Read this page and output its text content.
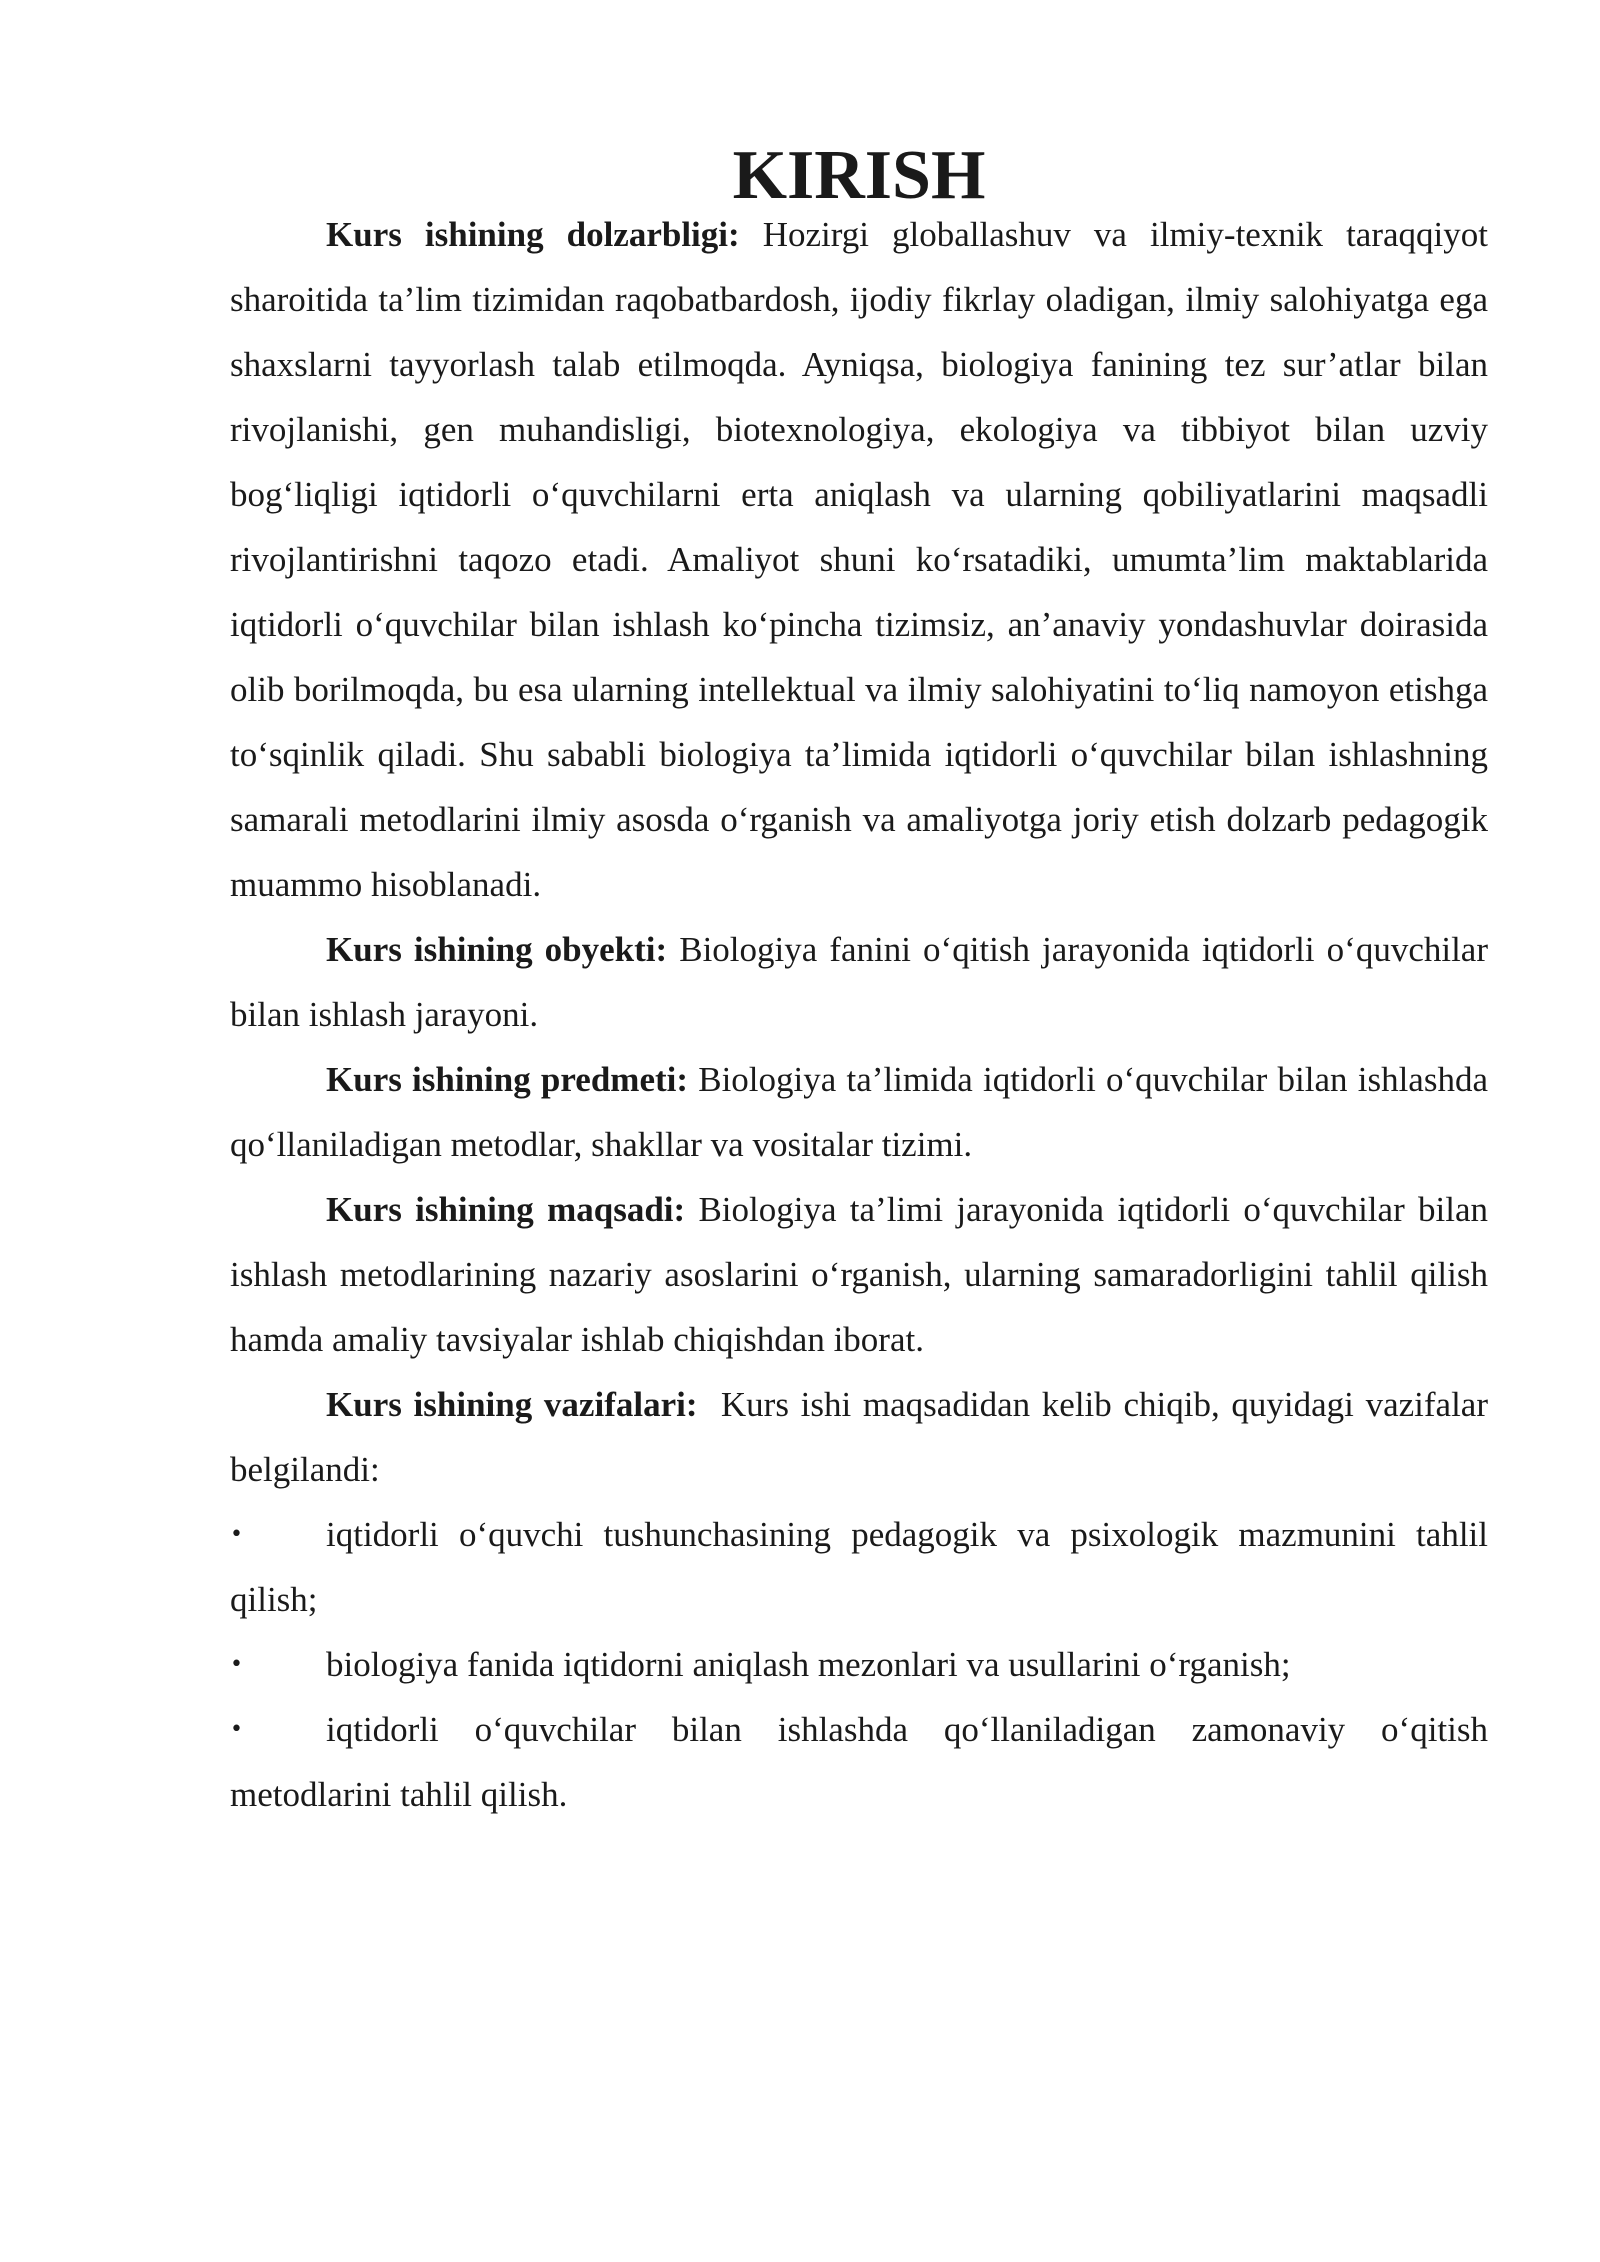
KIRISH

Kurs ishining dolzarbligi: Hozirgi globallashuv va ilmiy-texnik taraqqiyot sharoitida ta’lim tizimidan raqobatbardosh, ijodiy fikrlay oladigan, ilmiy salohiyatga ega shaxslarni tayyorlash talab etilmoqda. Ayniqsa, biologiya fanining tez sur’atlar bilan rivojlanishi, gen muhandisligi, biotexnologiya, ekologiya va tibbiyot bilan uzviy bog‘liqligi iqtidorli o‘quvchilarni erta aniqlash va ularning qobiliyatlarini maqsadli rivojlantirishni taqozo etadi. Amaliyot shuni ko‘rsatadiki, umumta’lim maktablarida iqtidorli o‘quvchilar bilan ishlash ko‘pincha tizimsiz, an’anaviy yondashuvlar doirasida olib borilmoqda, bu esa ularning intellektual va ilmiy salohiyatini to‘liq namoyon etishga to‘sqinlik qiladi. Shu sababli biologiya ta’limida iqtidorli o‘quvchilar bilan ishlashning samarali metodlarini ilmiy asosda o‘rganish va amaliyotga joriy etish dolzarb pedagogik muammo hisoblanadi.

Kurs ishining obyekti: Biologiya fanini o‘qitish jarayonida iqtidorli o‘quvchilar bilan ishlash jarayoni.

Kurs ishining predmeti: Biologiya ta’limida iqtidorli o‘quvchilar bilan ishlashda qo‘llaniladigan metodlar, shakllar va vositalar tizimi.

Kurs ishining maqsadi: Biologiya ta’limi jarayonida iqtidorli o‘quvchilar bilan ishlash metodlarining nazariy asoslarini o‘rganish, ularning samaradorligini tahlil qilish hamda amaliy tavsiyalar ishlab chiqishdan iborat.

Kurs ishining vazifalari:  Kurs ishi maqsadidan kelib chiqib, quyidagi vazifalar belgilandi:

• iqtidorli o‘quvchi tushunchasining pedagogik va psixologik mazmunini tahlil qilish;

• biologiya fanida iqtidorni aniqlash mezonlari va usullarini o‘rganish;

• iqtidorli o‘quvchilar bilan ishlashda qo‘llaniladigan zamonaviy o‘qitish metodlarini tahlil qilish.
